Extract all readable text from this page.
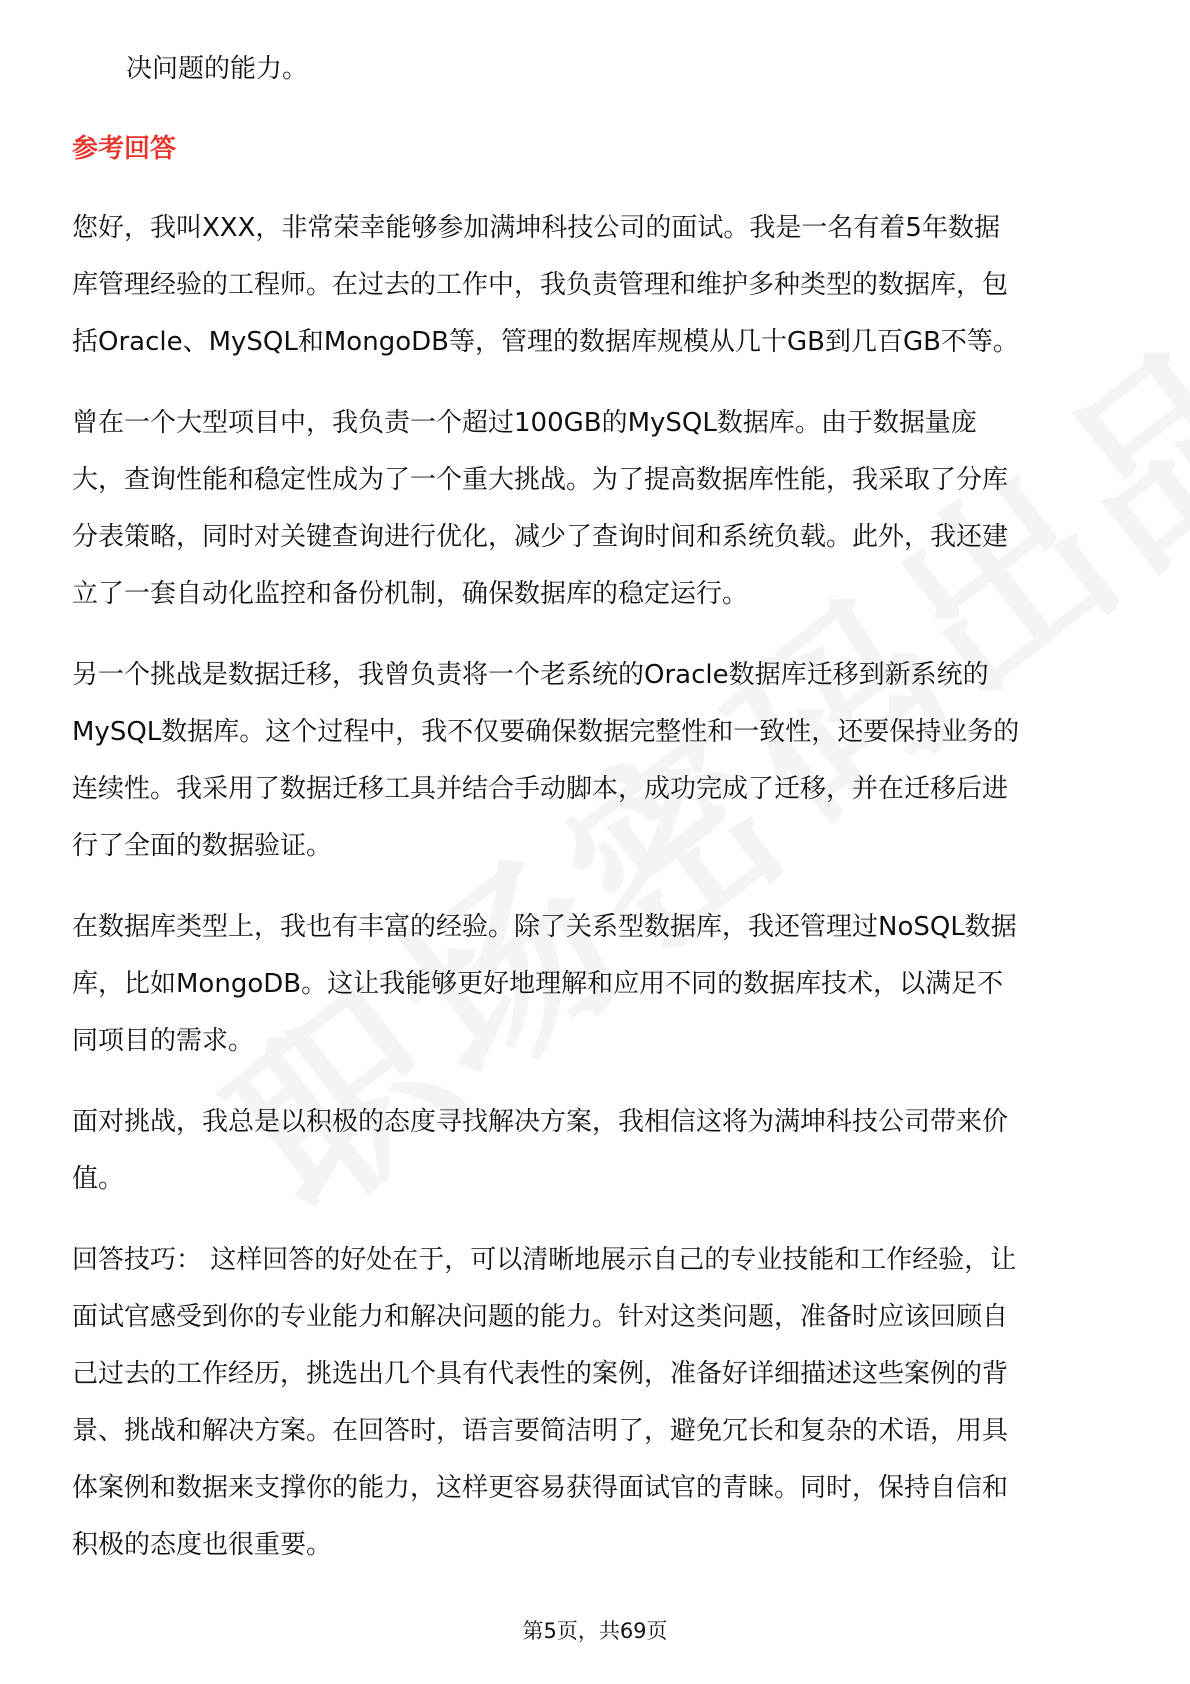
决问题的能力。

参考回答

您好，我叫XXX，非常荣幸能够参加满坤科技公司的面试。我是一名有着5年数据

库管理经验的工程师。在过去的工作中，我负责管理和维护多种类型的数据库，包

括Oracle、MySQL和MongoDB等，管理的数据库规模从几十GB到几百GB不等。

曾在一个大型项目中，我负责一个超过100GB的MySQL数据库。由于数据量庞

大，查询性能和稳定性成为了一个重大挑战。为了提高数据库性能，我采取了分库

分表策略，同时对关键查询进行优化，减少了查询时间和系统负载。此外，我还建

立了一套自动化监控和备份机制，确保数据库的稳定运行。

另一个挑战是数据迁移，我曾负责将一个老系统的Oracle数据库迁移到新系统的

MySQL数据库。这个过程中，我不仅要确保数据完整性和一致性，还要保持业务的

连续性。我采用了数据迁移工具并结合手动脚本，成功完成了迁移，并在迁移后进

行了全面的数据验证。

在数据库类型上，我也有丰富的经验。除了关系型数据库，我还管理过NoSQL数据

库，比如MongoDB。这让我能够更好地理解和应用不同的数据库技术，以满足不

同项目的需求。

面对挑战，我总是以积极的态度寻找解决方案，我相信这将为满坤科技公司带来价

值。

回答技巧： 这样回答的好处在于，可以清晰地展示自己的专业技能和工作经验，让

面试官感受到你的专业能力和解决问题的能力。针对这类问题，准备时应该回顾自

己过去的工作经历，挑选出几个具有代表性的案例，准备好详细描述这些案例的背

景、挑战和解决方案。在回答时，语言要简洁明了，避免冗长和复杂的术语，用具

体案例和数据来支撑你的能力，这样更容易获得面试官的青睐。同时，保持自信和

积极的态度也很重要。

第5页，共69页
